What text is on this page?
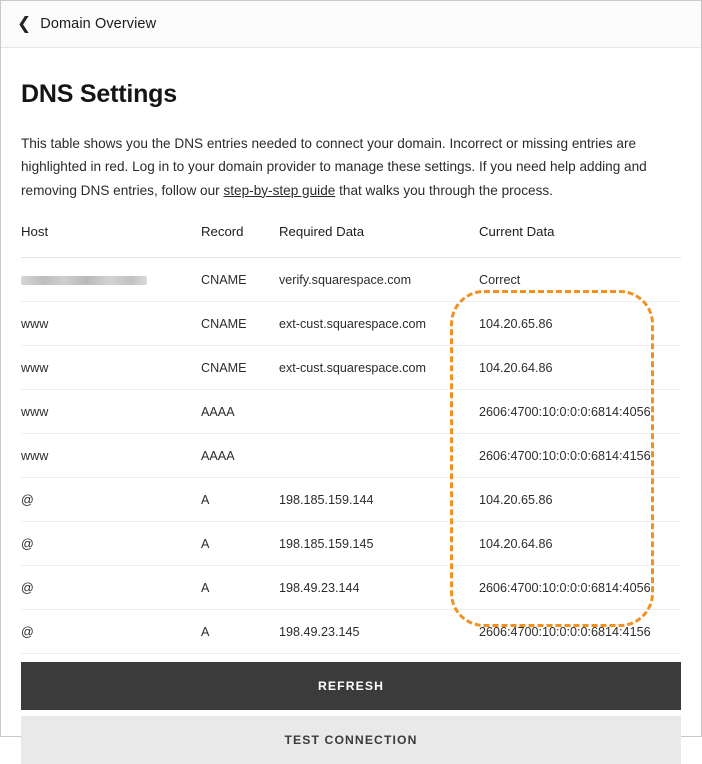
❮ Domain Overview
DNS Settings

This table shows you the DNS entries needed to connect your domain. Incorrect or missing entries are highlighted in red. Log in to your domain provider to manage these settings. If you need help adding and removing DNS entries, follow our step-by-step guide that walks you through the process.

Host	Record	Required Data	Current Data
	CNAME	verify.squarespace.com	Correct
www	CNAME	ext-cust.squarespace.com	104.20.65.86
www	CNAME	ext-cust.squarespace.com	104.20.64.86
www	AAAA		2606:4700:10:0:0:0:6814:4056
www	AAAA		2606:4700:10:0:0:0:6814:4156
@	A	198.185.159.144	104.20.65.86
@	A	198.185.159.145	104.20.64.86
@	A	198.49.23.144	2606:4700:10:0:0:0:6814:4056
@	A	198.49.23.145	2606:4700:10:0:0:0:6814:4156
REFRESH
TEST CONNECTION
